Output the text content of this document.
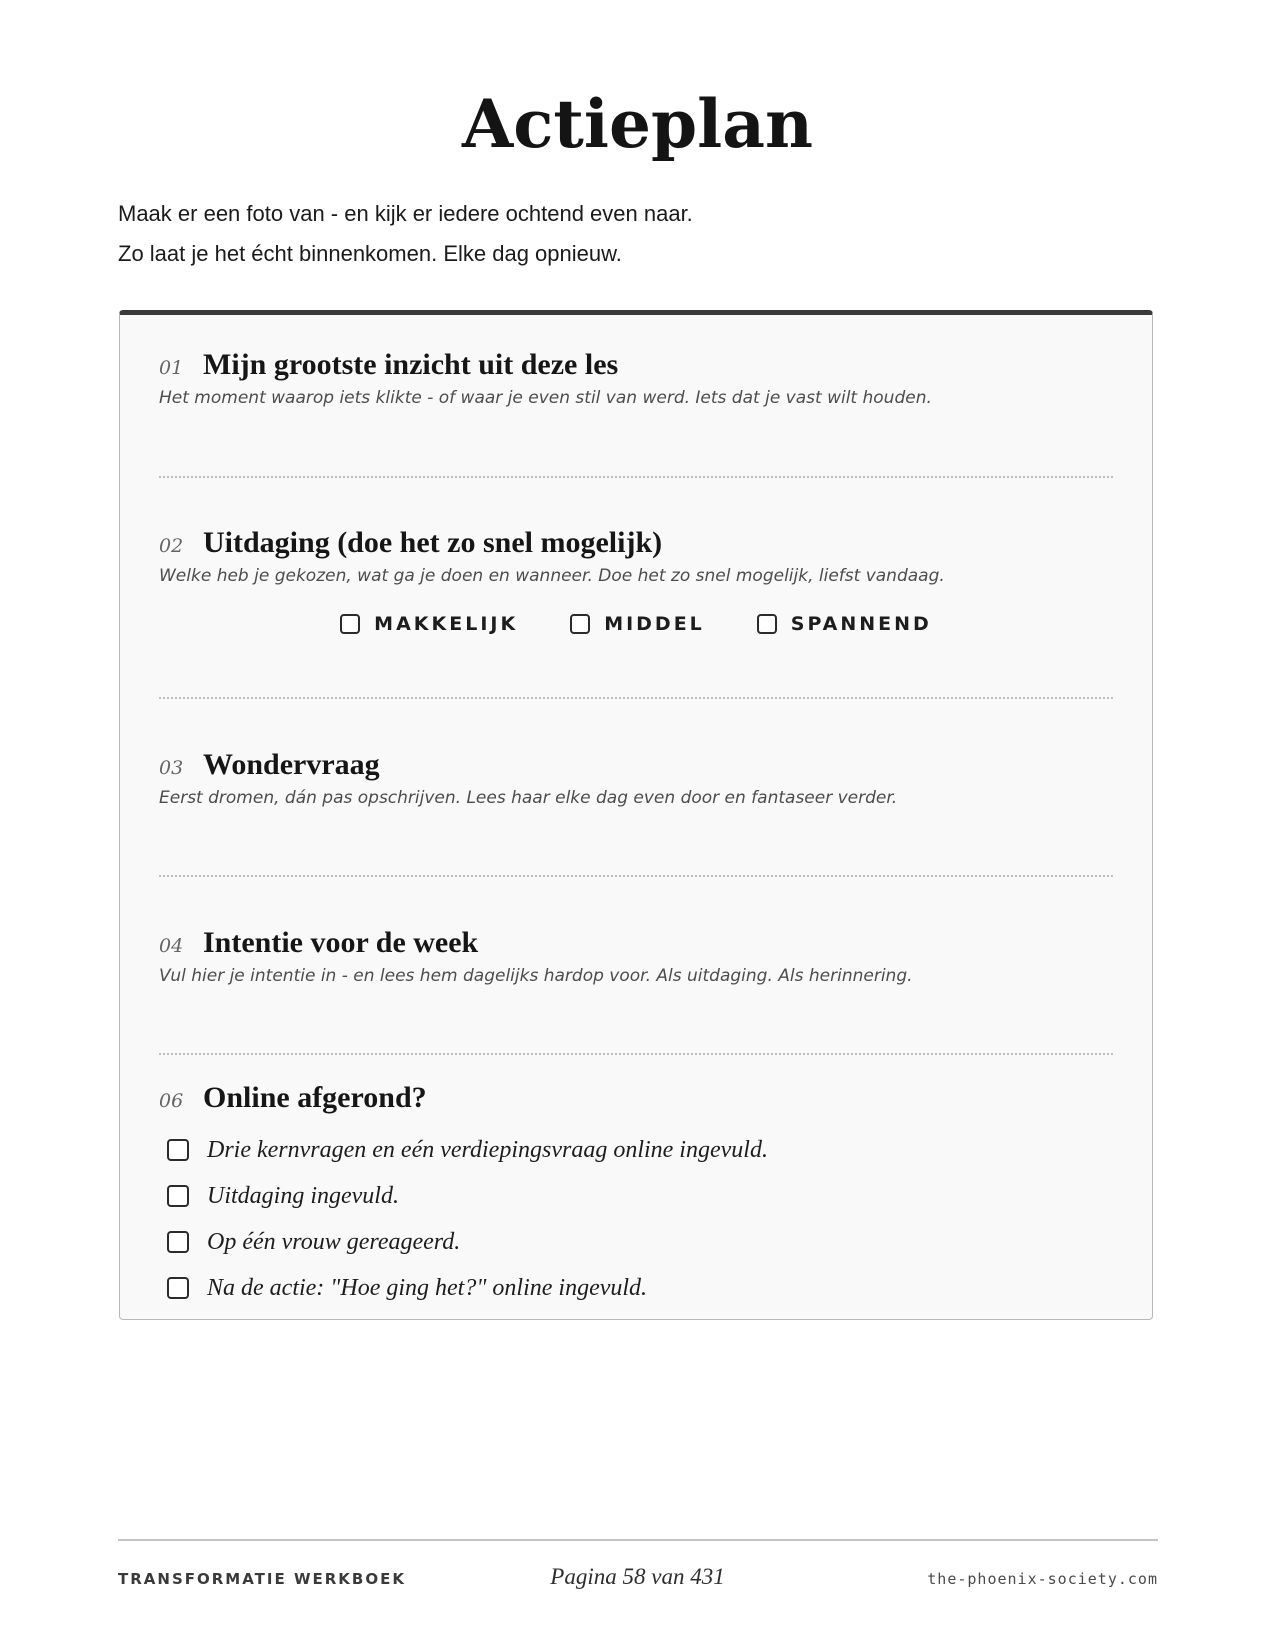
Actieplan
Maak er een foto van - en kijk er iedere ochtend even naar.
Zo laat je het écht binnenkomen. Elke dag opnieuw.
01 Mijn grootste inzicht uit deze les
Het moment waarop iets klikte - of waar je even stil van werd. Iets dat je vast wilt houden.
02 Uitdaging (doe het zo snel mogelijk)
Welke heb je gekozen, wat ga je doen en wanneer. Doe het zo snel mogelijk, liefst vandaag.
MAKKELIJK	MIDDEL	SPANNEND
03 Wondervraag
Eerst dromen, dán pas opschrijven. Lees haar elke dag even door en fantaseer verder.
04 Intentie voor de week
Vul hier je intentie in - en lees hem dagelijks hardop voor. Als uitdaging. Als herinnering.
06 Online afgerond?
Drie kernvragen en eén verdiepingsvraag online ingevuld.
Uitdaging ingevuld.
Op één vrouw gereageerd.
Na de actie: "Hoe ging het?" online ingevuld.
TRANSFORMATIE WERKBOEK	Pagina 58 van 431	the-phoenix-society.com
